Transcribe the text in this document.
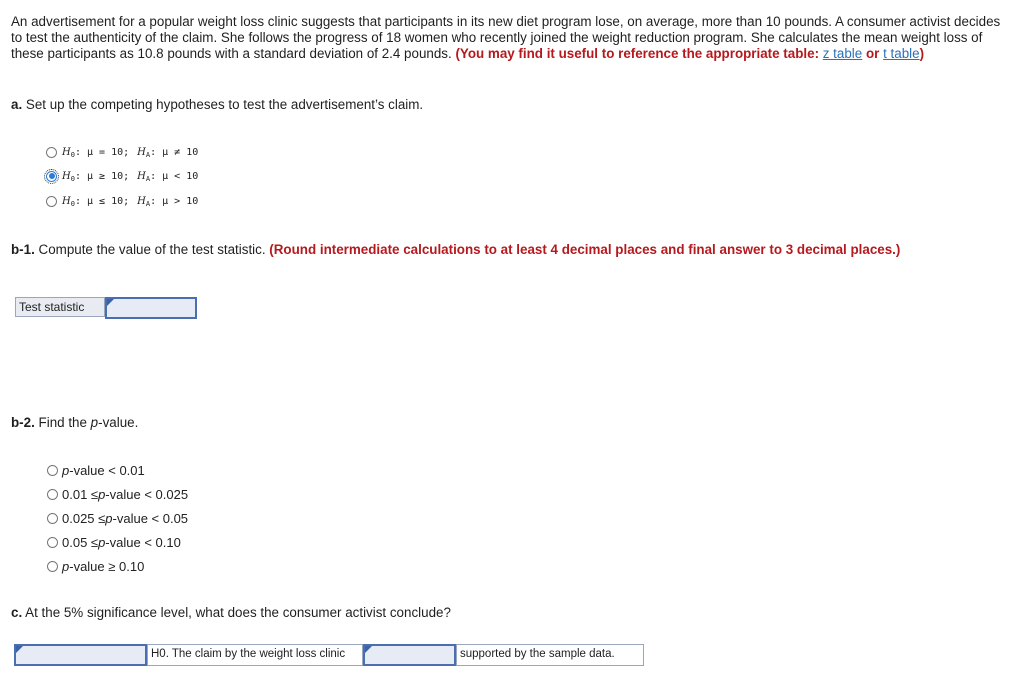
An advertisement for a popular weight loss clinic suggests that participants in its new diet program lose, on average, more than 10 pounds. A consumer activist decides to test the authenticity of the claim. She follows the progress of 18 women who recently joined the weight reduction program. She calculates the mean weight loss of these participants as 10.8 pounds with a standard deviation of 2.4 pounds. (You may find it useful to reference the appropriate table: z table or t table)
a. Set up the competing hypotheses to test the advertisement’s claim.
H 0 : μ = 10; H A : μ ≠ 10
H 0 : μ ≥ 10; H A : μ < 10
H 0 : μ ≤ 10; H A : μ > 10
b-1. Compute the value of the test statistic. (Round intermediate calculations to at least 4 decimal places and final answer to 3 decimal places.)
Test statistic
b-2. Find the p-value.
p -value < 0.01
0.01 ≤ p -value < 0.025
0.025 ≤ p -value < 0.05
0.05 ≤ p -value < 0.10
p -value ≥ 0.10
c. At the 5% significance level, what does the consumer activist conclude?
H0. The claim by the weight loss clinic	supported by the sample data.
